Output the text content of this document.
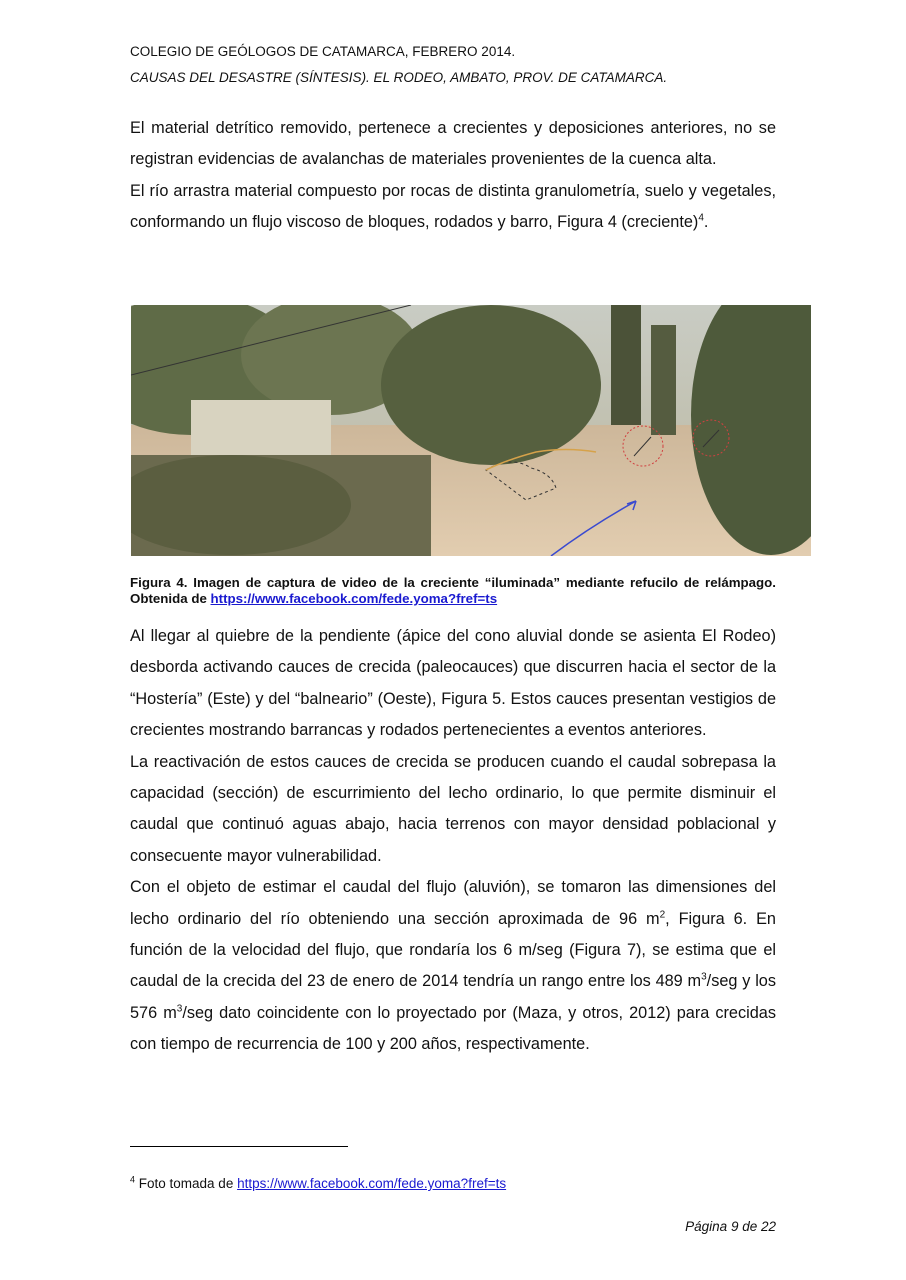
COLEGIO DE GEÓLOGOS DE CATAMARCA, FEBRERO 2014.
CAUSAS DEL DESASTRE (SÍNTESIS). EL RODEO, AMBATO, PROV. DE CATAMARCA.

El material detrítico removido, pertenece a crecientes y deposiciones anteriores, no se registran evidencias de avalanchas de materiales provenientes de la cuenca alta.

El río arrastra material compuesto por rocas de distinta granulometría, suelo y vegetales, conformando un flujo viscoso de bloques, rodados y barro, Figura 4 (creciente)$^4$.

Figura 4. Imagen de captura de video de la creciente “iluminada” mediante refucilo de relámpago. Obtenida de https://www.facebook.com/fede.yoma?fref=ts

Al llegar al quiebre de la pendiente (ápice del cono aluvial donde se asienta El Rodeo) desborda activando cauces de crecida (paleocauces) que discurren hacia el sector de la “Hostería” (Este) y del “balneario” (Oeste), Figura 5. Estos cauces presentan vestigios de crecientes mostrando barrancas y rodados pertenecientes a eventos anteriores.

La reactivación de estos cauces de crecida se producen cuando el caudal sobrepasa la capacidad (sección) de escurrimiento del lecho ordinario, lo que permite disminuir el caudal que continuó aguas abajo, hacia terrenos con mayor densidad poblacional y consecuente mayor vulnerabilidad.

Con el objeto de estimar el caudal del flujo (aluvión), se tomaron las dimensiones del lecho ordinario del río obteniendo una sección aproximada de 96 $m^2$, Figura 6. En función de la velocidad del flujo, que rondaría los 6 m/seg (Figura 7), se estima que el caudal de la crecida del 23 de enero de 2014 tendría un rango entre los 489 $m^3$/seg y los 576 $m^3$/seg dato coincidente con lo proyectado por (Maza, y otros, 2012) para crecidas con tiempo de recurrencia de 100 y 200 años, respectivamente.

$^4$ Foto tomada de https://www.facebook.com/fede.yoma?fref=ts
Página 9 de 22
